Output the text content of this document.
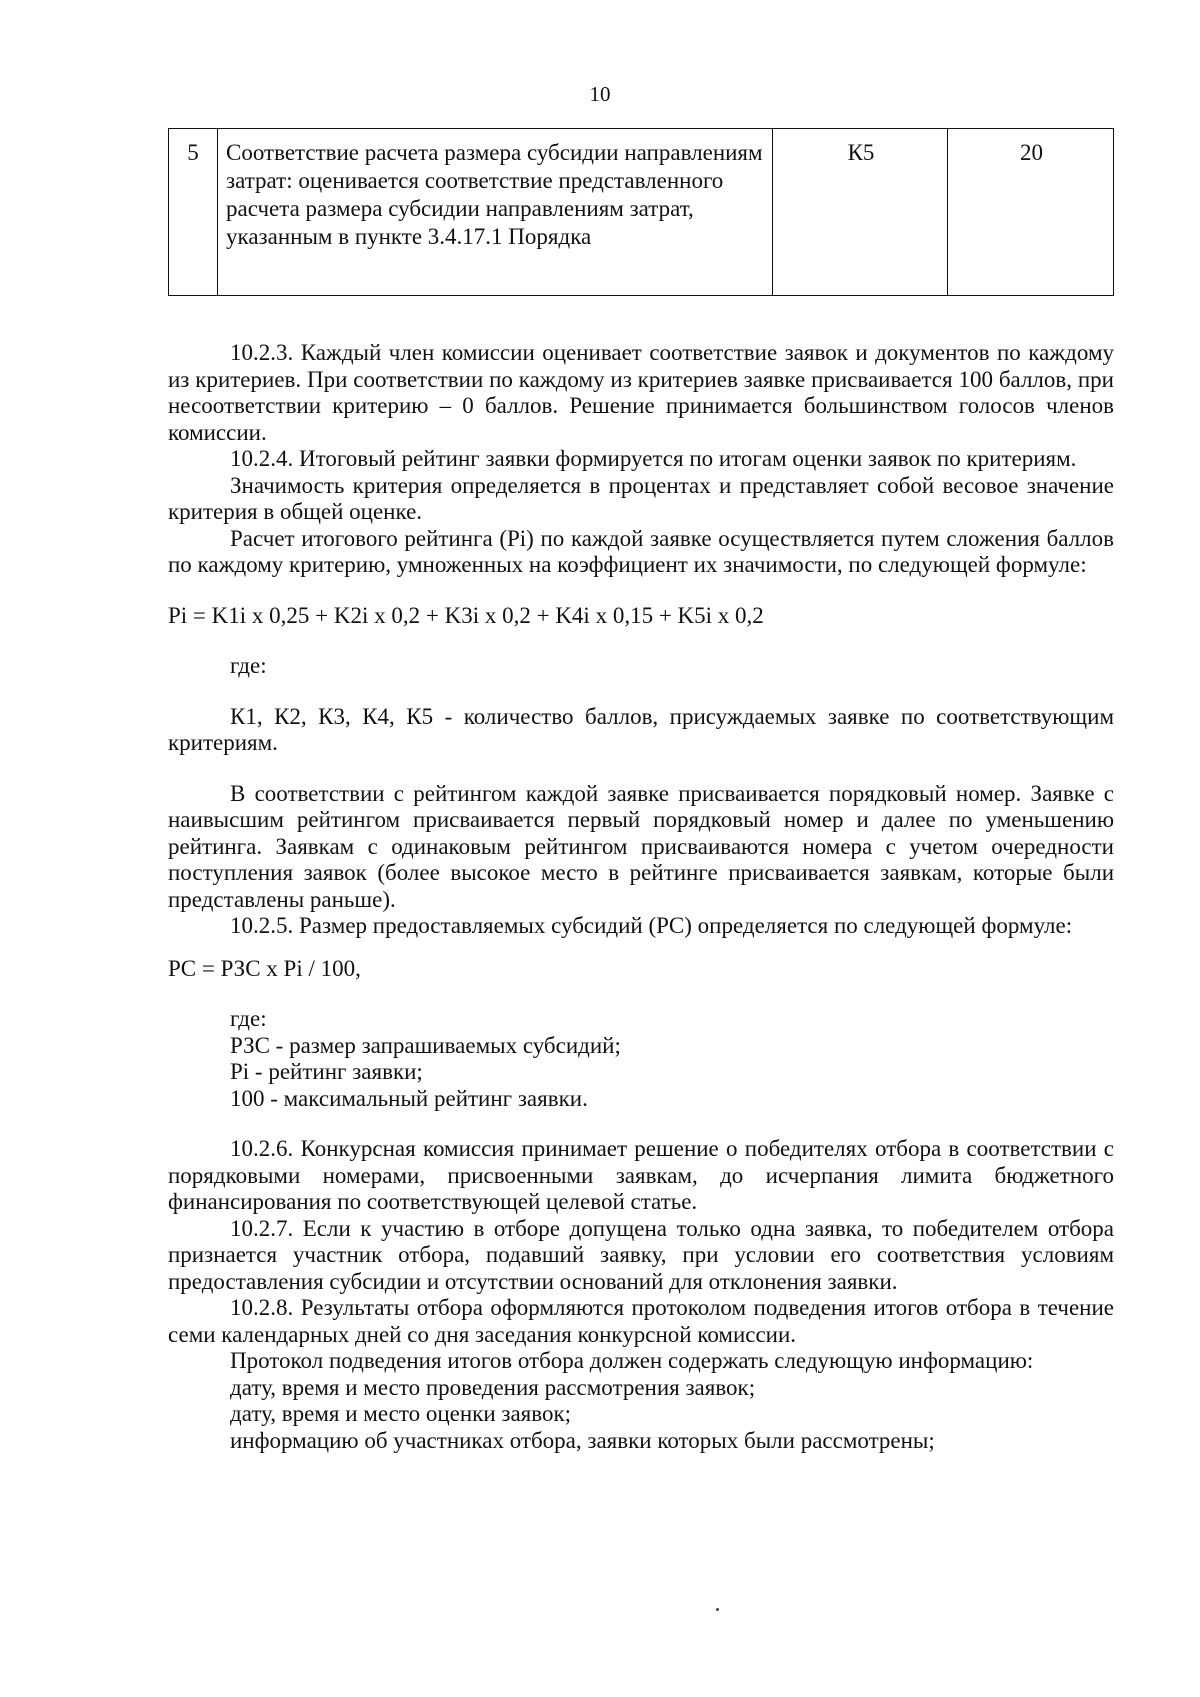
10
5	Соответствие расчета размера субсидии направлениям затрат: оценивается соответствие представленного расчета размера субсидии направлениям затрат, указанным в пункте 3.4.17.1 Порядка	К5	20

10.2.3. Каждый член комиссии оценивает соответствие заявок и документов по каждому из критериев. При соответствии по каждому из критериев заявке присваивается 100 баллов, при несоответствии критерию – 0 баллов. Решение принимается большинством голосов членов комиссии.

10.2.4. Итоговый рейтинг заявки формируется по итогам оценки заявок по критериям.

Значимость критерия определяется в процентах и представляет собой весовое значение критерия в общей оценке.

Расчет итогового рейтинга (Pi) по каждой заявке осуществляется путем сложения баллов по каждому критерию, умноженных на коэффициент их значимости, по следующей формуле:

Pi = K1i x 0,25 + K2i x 0,2 + K3i x 0,2 + K4i x 0,15 + K5i x 0,2

где:

К1, К2, К3, К4, К5 - количество баллов, присуждаемых заявке по соответствующим критериям.

В соответствии с рейтингом каждой заявке присваивается порядковый номер. Заявке с наивысшим рейтингом присваивается первый порядковый номер и далее по уменьшению рейтинга. Заявкам с одинаковым рейтингом присваиваются номера с учетом очередности поступления заявок (более высокое место в рейтинге присваивается заявкам, которые были представлены раньше).

10.2.5. Размер предоставляемых субсидий (PC) определяется по следующей формуле:

PC = РЗС x Pi / 100,

где:

РЗС - размер запрашиваемых субсидий;

Pi - рейтинг заявки;

100 - максимальный рейтинг заявки.

10.2.6. Конкурсная комиссия принимает решение о победителях отбора в соответствии с порядковыми номерами, присвоенными заявкам, до исчерпания лимита бюджетного финансирования по соответствующей целевой статье.

10.2.7. Если к участию в отборе допущена только одна заявка, то победителем отбора признается участник отбора, подавший заявку, при условии его соответствия условиям предоставления субсидии и отсутствии оснований для отклонения заявки.

10.2.8. Результаты отбора оформляются протоколом подведения итогов отбора в течение семи календарных дней со дня заседания конкурсной комиссии.

Протокол подведения итогов отбора должен содержать следующую информацию:

дату, время и место проведения рассмотрения заявок;

дату, время и место оценки заявок;

информацию об участниках отбора, заявки которых были рассмотрены;
